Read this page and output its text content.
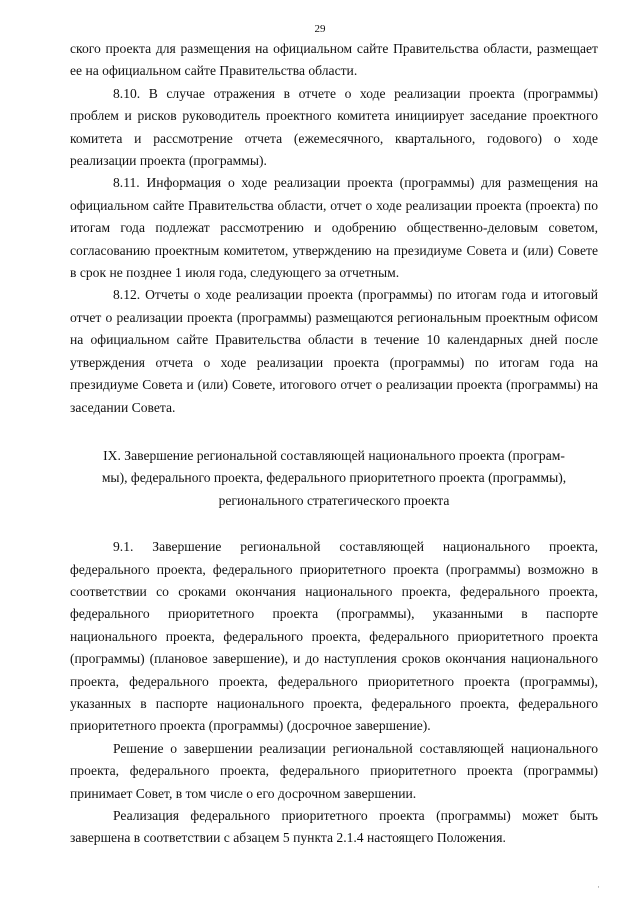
29

ского проекта для размещения на официальном сайте Правительства области, размещает ее на официальном сайте Правительства области.

8.10. В случае отражения в отчете о ходе реализации проекта (программы) проблем и рисков руководитель проектного комитета инициирует заседание проектного комитета и рассмотрение отчета (ежемесячного, квартального, годового) о ходе реализации проекта (программы).

8.11. Информация о ходе реализации проекта (программы) для размещения на официальном сайте Правительства области, отчет о ходе реализации проекта (проекта) по итогам года подлежат рассмотрению и одобрению общественно-деловым советом, согласованию проектным комитетом, утверждению на президиуме Совета и (или) Совете в срок не позднее 1 июля года, следующего за отчетным.

8.12. Отчеты о ходе реализации проекта (программы) по итогам года и итоговый отчет о реализации проекта (программы) размещаются региональным проектным офисом на официальном сайте Правительства области в течение 10 календарных дней после утверждения отчета о ходе реализации проекта (программы) по итогам года на президиуме Совета и (или) Совете, итогового отчет о реализации проекта (программы) на заседании Совета.

IX. Завершение региональной составляющей национального проекта (програм-
мы), федерального проекта, федерального приоритетного проекта (программы),
регионального стратегического проекта

9.1. Завершение региональной составляющей национального проекта, федерального проекта, федерального приоритетного проекта (программы) возможно в соответствии со сроками окончания национального проекта, федерального проекта, федерального приоритетного проекта (программы), указанными в паспорте национального проекта, федерального проекта, федерального приоритетного проекта (программы) (плановое завершение), и до наступления сроков окончания национального проекта, федерального проекта, федерального приоритетного проекта (программы), указанных в паспорте национального проекта, федерального проекта, федерального приоритетного проекта (программы) (досрочное завершение).

Решение о завершении реализации региональной составляющей национального проекта, федерального проекта, федерального приоритетного проекта (программы) принимает Совет, в том числе о его досрочном завершении.

Реализация федерального приоритетного проекта (программы) может быть завершена в соответствии с абзацем 5 пункта 2.1.4 настоящего Положения.

·
